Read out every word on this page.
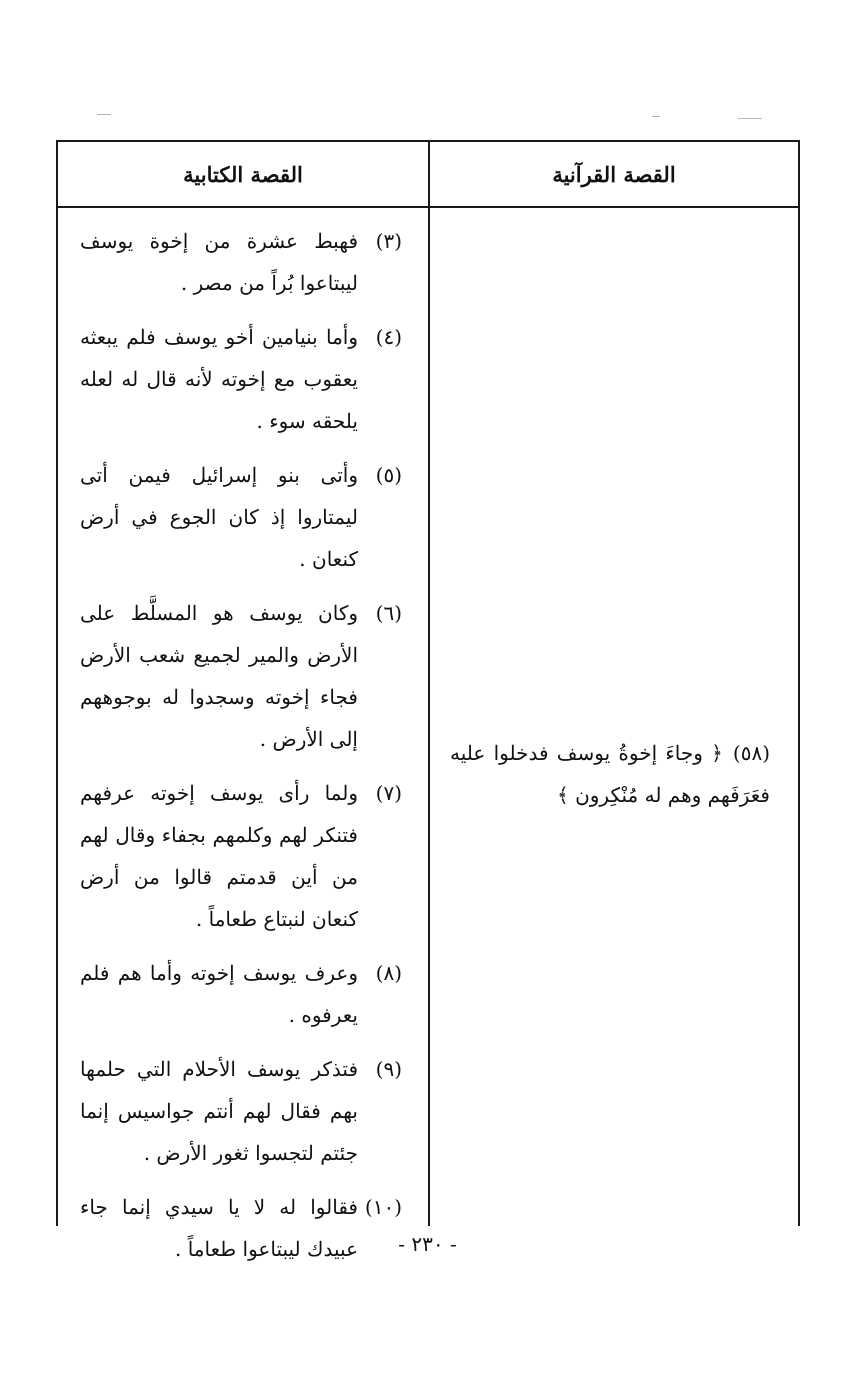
القصة القرآنية
القصة الكتابية
(٥٨)﴿ وجاءَ إخوةُ يوسف فدخلوا عليه فعَرَفَهم وهم له مُنْكِرون ﴾
(٣)
فهبط عشرة من إخوة يوسف ليبتاعوا بُراً من مصر .
(٤)
وأما بنيامين أخو يوسف فلم يبعثه يعقوب مع إخوته لأنه قال له لعله يلحقه سوء .
(٥)
وأتى بنو إسرائيل فيمن أتى ليمتاروا إذ كان الجوع في أرض كنعان .
(٦)
وكان يوسف هو المسلَّط على الأرض والمير لجميع شعب الأرض فجاء إخوته وسجدوا له بوجوههم إلى الأرض .
(٧)
ولما رأى يوسف إخوته عرفهم فتنكر لهم وكلمهم بجفاء وقال لهم من أين قدمتم قالوا من أرض كنعان لنبتاع طعاماً .
(٨)
وعرف يوسف إخوته وأما هم فلم يعرفوه .
(٩)
فتذكر يوسف الأحلام التي حلمها بهم فقال لهم أنتم جواسيس إنما جئتم لتجسوا ثغور الأرض .
(١٠)
فقالوا له لا يا سيدي إنما جاء عبيدك ليبتاعوا طعاماً .	- ٢٣٠ -
